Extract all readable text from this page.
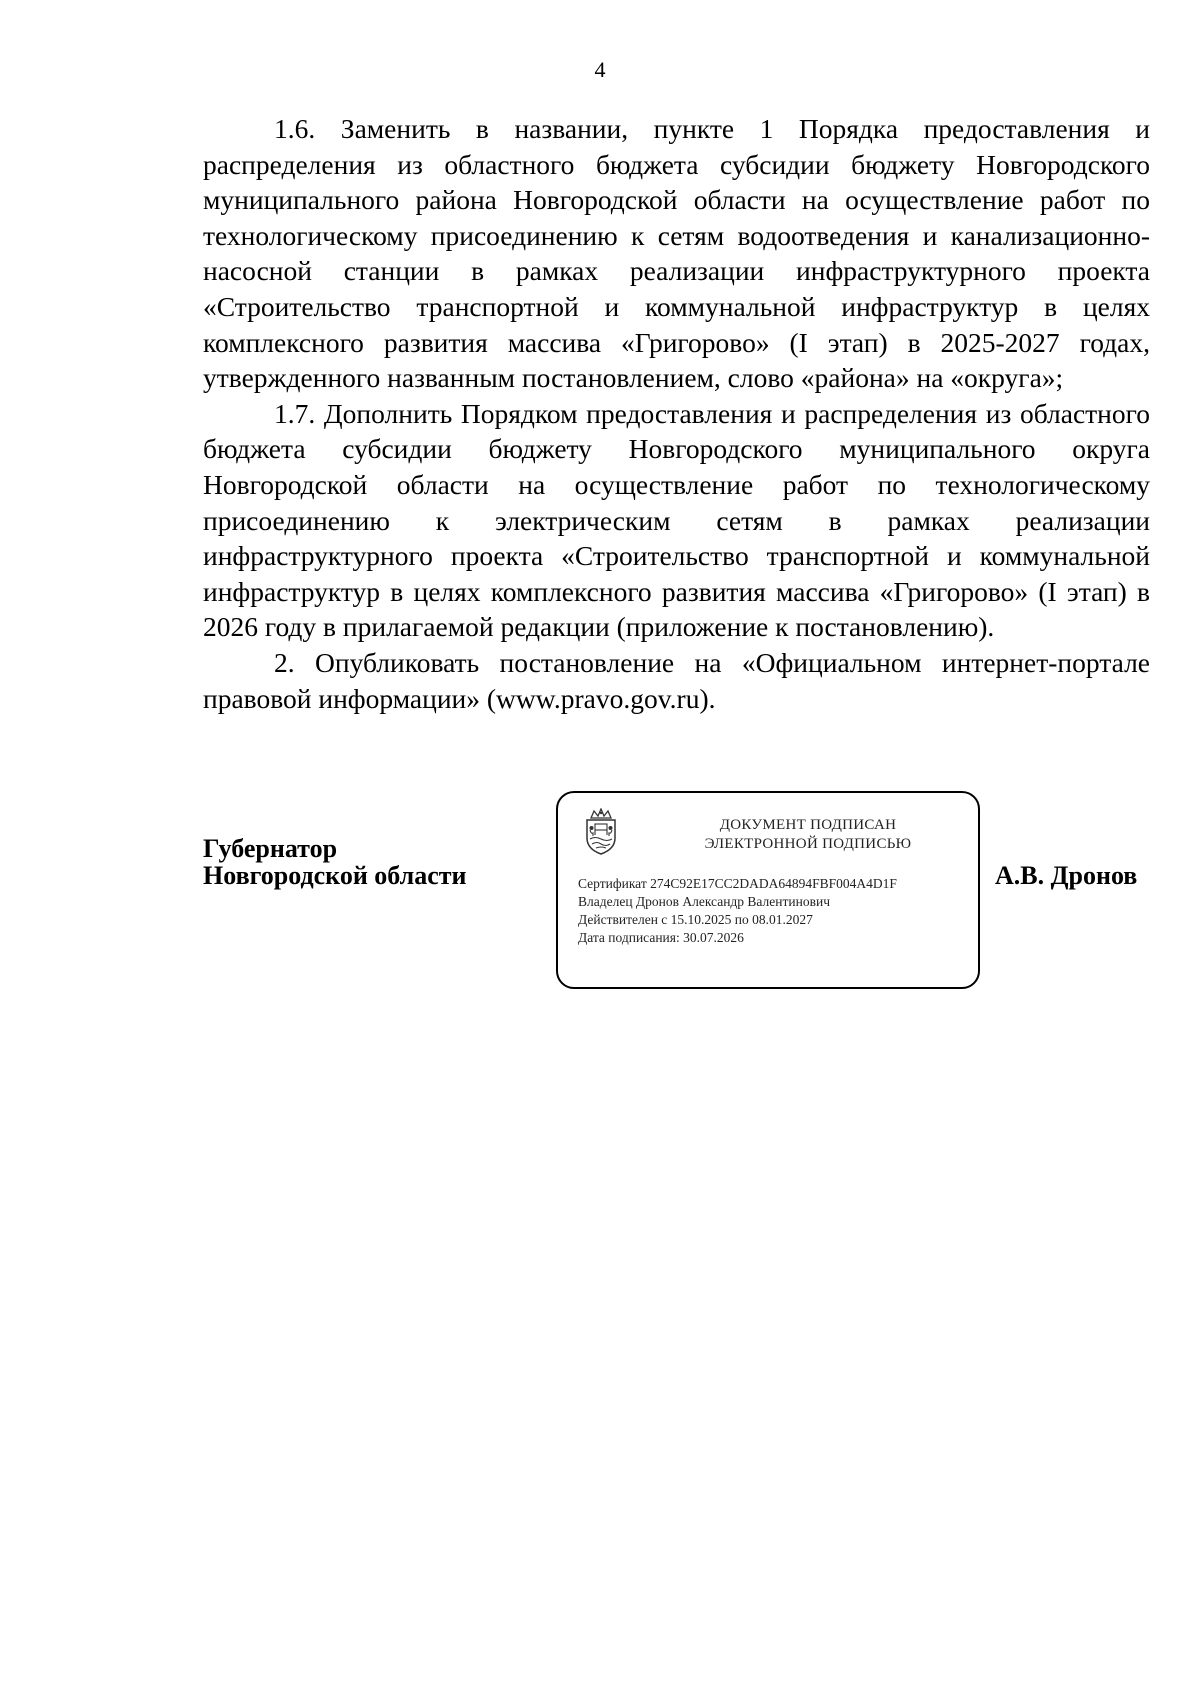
4

1.6. Заменить в названии, пункте 1 Порядка предоставления и распределения из областного бюджета субсидии бюджету Новгородского муниципального района Новгородской области на осуществление работ по технологическому присоединению к сетям водоотведения и канализационно-насосной станции в рамках реализации инфраструктурного проекта «Строительство транспортной и коммунальной инфраструктур в целях комплексного развития массива «Григорово» (I этап) в 2025-2027 годах, утвержденного названным постановлением, слово «района» на «округа»;

1.7. Дополнить Порядком предоставления и распределения из областного бюджета субсидии бюджету Новгородского муниципального округа Новгородской области на осуществление работ по технологическому присоединению к электрическим сетям в рамках реализации инфраструктурного проекта «Строительство транспортной и коммунальной инфраструктур в целях комплексного развития массива «Григорово» (I этап) в 2026 году в прилагаемой редакции (приложение к постановлению).

2. Опубликовать постановление на «Официальном интернет-портале правовой информации» (www.pravo.gov.ru).

Губернатор
Новгородской области
ДОКУМЕНТ ПОДПИСАН
ЭЛЕКТРОННОЙ ПОДПИСЬЮ
Сертификат 274C92E17CC2DADA64894FBF004A4D1F
Владелец Дронов Александр Валентинович
Действителен с 15.10.2025 по 08.01.2027
Дата подписания: 30.07.2026
А.В. Дронов
